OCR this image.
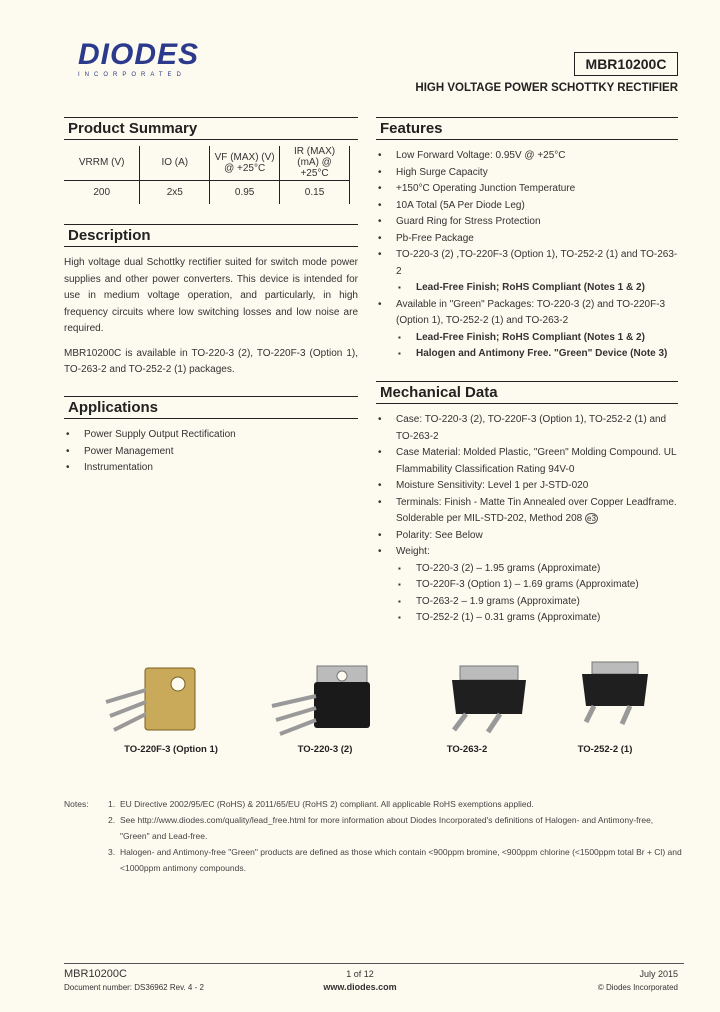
DIODES
INCORPORATED
MBR10200C
HIGH VOLTAGE POWER SCHOTTKY RECTIFIER
Product Summary
VRRM (V)	IO (A)	VF (MAX) (V) @ +25°C	IR (MAX) (mA) @ +25°C
200	2x5	0.95	0.15
Description
High voltage dual Schottky rectifier suited for switch mode power supplies and other power converters. This device is intended for use in medium voltage operation, and particularly, in high frequency circuits where low switching losses and low noise are required.
MBR10200C is available in TO-220-3 (2), TO-220F-3 (Option 1), TO-263-2 and TO-252-2 (1) packages.
Applications
• Power Supply Output Rectification
• Power Management
• Instrumentation
Features
• Low Forward Voltage: 0.95V @ +25°C
• High Surge Capacity
• +150°C Operating Junction Temperature
• 10A Total (5A Per Diode Leg)
• Guard Ring for Stress Protection
• Pb-Free Package
• TO-220-3 (2) ,TO-220F-3 (Option 1), TO-252-2 (1) and TO-263-2
▪ Lead-Free Finish; RoHS Compliant (Notes 1 & 2)
• Available in "Green" Packages: TO-220-3 (2) and TO-220F-3 (Option 1), TO-252-2 (1) and TO-263-2
▪ Lead-Free Finish; RoHS Compliant (Notes 1 & 2)
▪ Halogen and Antimony Free. "Green" Device (Note 3)
Mechanical Data
• Case: TO-220-3 (2), TO-220F-3 (Option 1), TO-252-2 (1) and TO-263-2
• Case Material: Molded Plastic, "Green" Molding Compound. UL Flammability Classification Rating 94V-0
• Moisture Sensitivity: Level 1 per J-STD-020
• Terminals: Finish - Matte Tin Annealed over Copper Leadframe. Solderable per MIL-STD-202, Method 208 e3
• Polarity: See Below
• Weight:
▪ TO-220-3 (2) – 1.95 grams (Approximate)
▪ TO-220F-3 (Option 1) – 1.69 grams (Approximate)
▪ TO-263-2 – 1.9 grams (Approximate)
▪ TO-252-2 (1) – 0.31 grams (Approximate)
TO-220F-3 (Option 1)	TO-220-3 (2)	TO-263-2	TO-252-2 (1)
Notes:	1. EU Directive 2002/95/EC (RoHS) & 2011/65/EU (RoHS 2) compliant. All applicable RoHS exemptions applied.
2. See http://www.diodes.com/quality/lead_free.html for more information about Diodes Incorporated's definitions of Halogen- and Antimony-free, "Green" and Lead-free.
3. Halogen- and Antimony-free "Green" products are defined as those which contain <900ppm bromine, <900ppm chlorine (<1500ppm total Br + Cl) and <1000ppm antimony compounds.
MBR10200C
Document number: DS36962 Rev. 4 - 2
1 of 12
www.diodes.com
July 2015
© Diodes Incorporated
